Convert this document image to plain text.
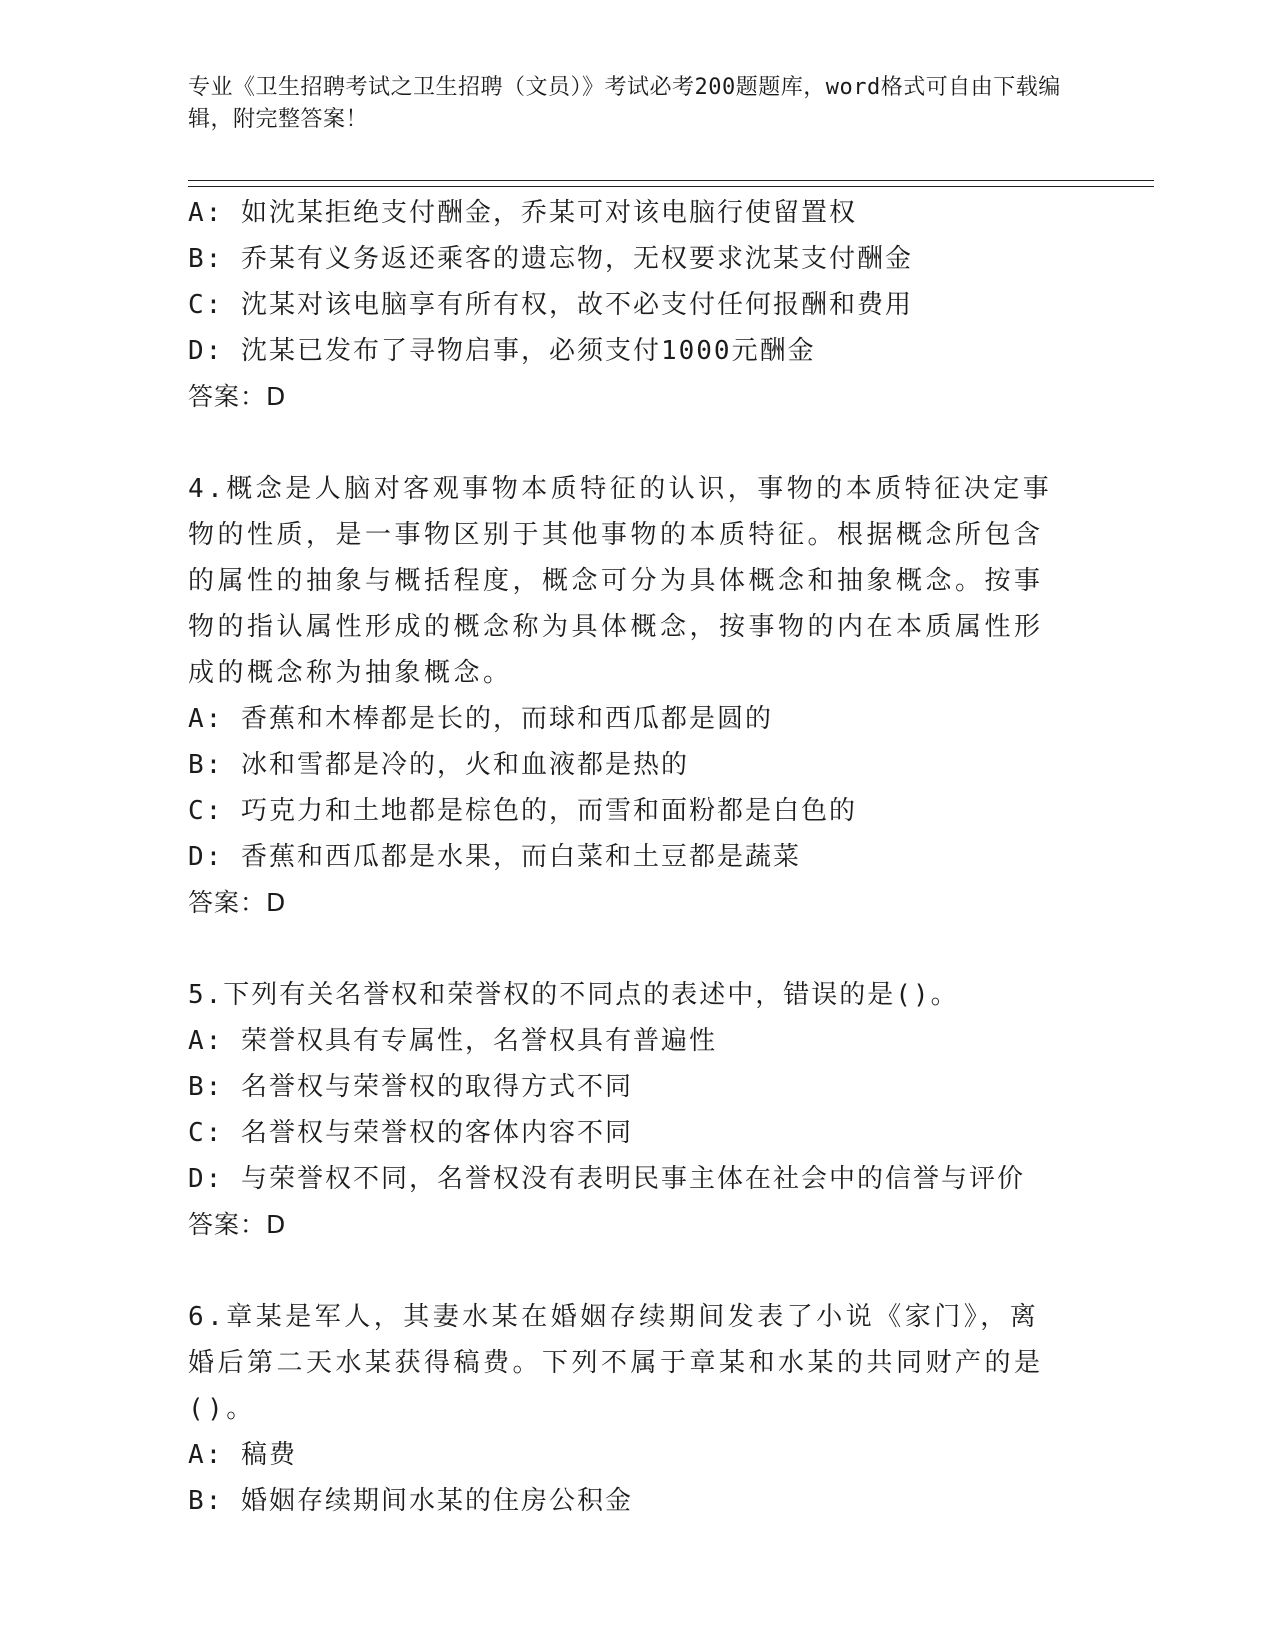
专业《卫生招聘考试之卫生招聘（文员）》考试必考200题题库，word格式可自由下载编辑，附完整答案！
A: 如沈某拒绝支付酬金，乔某可对该电脑行使留置权
B: 乔某有义务返还乘客的遗忘物，无权要求沈某支付酬金
C: 沈某对该电脑享有所有权，故不必支付任何报酬和费用
D: 沈某已发布了寻物启事，必须支付1000元酬金
答案：D
4.概念是人脑对客观事物本质特征的认识，事物的本质特征决定事物的性质，是一事物区别于其他事物的本质特征。根据概念所包含的属性的抽象与概括程度，概念可分为具体概念和抽象概念。按事物的指认属性形成的概念称为具体概念，按事物的内在本质属性形成的概念称为抽象概念。
A: 香蕉和木棒都是长的，而球和西瓜都是圆的
B: 冰和雪都是冷的，火和血液都是热的
C: 巧克力和土地都是棕色的，而雪和面粉都是白色的
D: 香蕉和西瓜都是水果，而白菜和土豆都是蔬菜
答案：D
5.下列有关名誉权和荣誉权的不同点的表述中，错误的是()。
A: 荣誉权具有专属性，名誉权具有普遍性
B: 名誉权与荣誉权的取得方式不同
C: 名誉权与荣誉权的客体内容不同
D: 与荣誉权不同，名誉权没有表明民事主体在社会中的信誉与评价
答案：D
6.章某是军人，其妻水某在婚姻存续期间发表了小说《家门》，离婚后第二天水某获得稿费。下列不属于章某和水某的共同财产的是()。
A: 稿费
B: 婚姻存续期间水某的住房公积金
